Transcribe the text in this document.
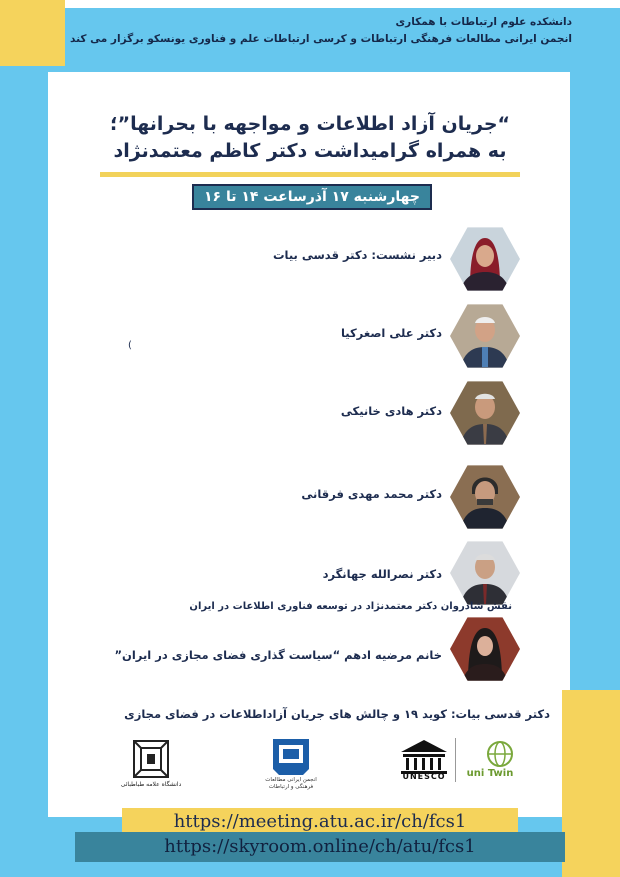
دانشکده علوم ارتباطات با همکاری
انجمن ایرانی مطالعات فرهنگی ارتباطات و کرسی ارتباطات علم و فناوری یونسکو برگزار می کند
“جریان آزاد اطلاعات و مواجهه با بحرانها”؛
به همراه گرامیداشت دکتر کاظم معتمدنژاد
چهارشنبه ۱۷ آذرساعت ۱۴ تا ۱۶
دبیر نشست: دکتر قدسی بیات
دکتر علی اصغرکیا
(
دکتر هادی خانیکی
دکتر محمد مهدی فرقانی
دکتر نصرالله جهانگرد
نقش شادروان دکتر معتمدنژاد در توسعه فناوری اطلاعات در ایران
خانم مرضیه ادهم “سیاست گذاری فضای مجازی در ایران”
دکتر قدسی بیات: کوید ۱۹ و چالش های جریان آزاداطلاعات در فضای مجازی
دانشگاه علامه طباطبائی
انجمن ایرانی مطالعات فرهنگی و ارتباطات
UNESCO	uni Twin
https://meeting.atu.ac.ir/ch/fcs1
https://skyroom.online/ch/atu/fcs1
